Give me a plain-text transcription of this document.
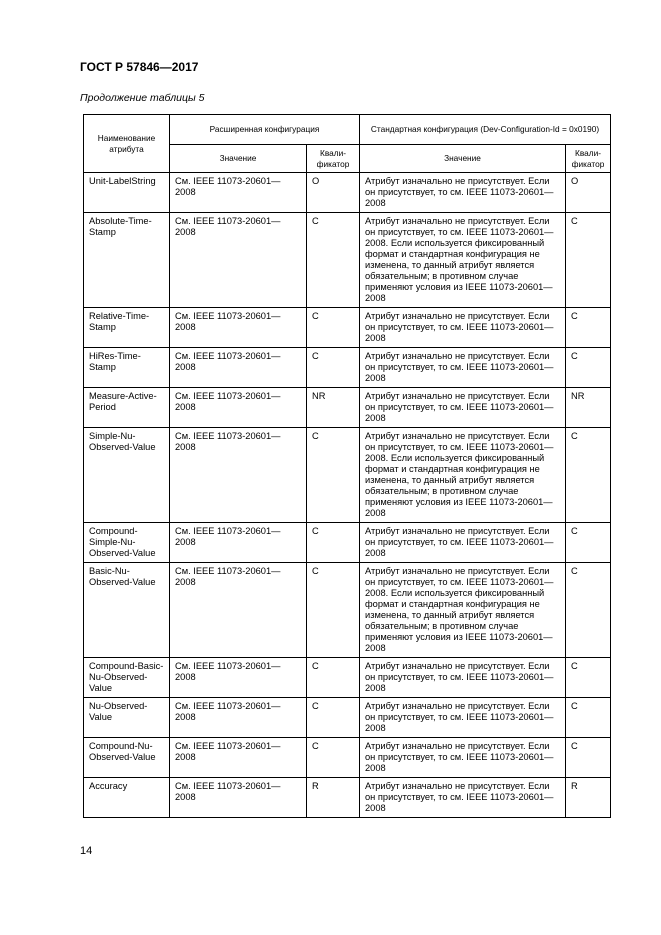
ГОСТ Р 57846—2017
Продолжение таблицы 5
Наименование атрибута	Расширенная конфигурация		Стандартная конфигурация (Dev-Configuration-Id = 0x0190)	
	Значение	Квали-фикатор	Значение	Квали-фикатор
Unit-LabelString	См. IEEE 11073-20601—2008	O	Атрибут изначально не присутствует. Если он присутствует, то см. IEEE 11073-20601—2008	O
Absolute-Time-Stamp	См. IEEE 11073-20601—2008	C	Атрибут изначально не присутствует. Если он присутствует, то см. IEEE 11073-20601—2008. Если используется фиксированный формат и стандартная конфигурация не изменена, то данный атрибут является обязательным; в противном случае применяют условия из IEEE 11073-20601—2008	C
Relative-Time-Stamp	См. IEEE 11073-20601—2008	C	Атрибут изначально не присутствует. Если он присутствует, то см. IEEE 11073-20601—2008	C
HiRes-Time-Stamp	См. IEEE 11073-20601—2008	C	Атрибут изначально не присутствует. Если он присутствует, то см. IEEE 11073-20601—2008	C
Measure-Active-Period	См. IEEE 11073-20601—2008	NR	Атрибут изначально не присутствует. Если он присутствует, то см. IEEE 11073-20601—2008	NR
Simple-Nu-Observed-Value	См. IEEE 11073-20601—2008	C	Атрибут изначально не присутствует. Если он присутствует, то см. IEEE 11073-20601—2008. Если используется фиксированный формат и стандартная конфигурация не изменена, то данный атрибут является обязательным; в противном случае применяют условия из IEEE 11073-20601—2008	C
Compound-Simple-Nu-Observed-Value	См. IEEE 11073-20601—2008	C	Атрибут изначально не присутствует. Если он присутствует, то см. IEEE 11073-20601—2008	C
Basic-Nu-Observed-Value	См. IEEE 11073-20601—2008	C	Атрибут изначально не присутствует. Если он присутствует, то см. IEEE 11073-20601—2008. Если используется фиксированный формат и стандартная конфигурация не изменена, то данный атрибут является обязательным; в противном случае применяют условия из IEEE 11073-20601—2008	C
Compound-Basic-Nu-Observed-Value	См. IEEE 11073-20601—2008	C	Атрибут изначально не присутствует. Если он присутствует, то см. IEEE 11073-20601—2008	C
Nu-Observed-Value	См. IEEE 11073-20601—2008	C	Атрибут изначально не присутствует. Если он присутствует, то см. IEEE 11073-20601—2008	C
Compound-Nu-Observed-Value	См. IEEE 11073-20601—2008	C	Атрибут изначально не присутствует. Если он присутствует, то см. IEEE 11073-20601—2008	C
Accuracy	См. IEEE 11073-20601—2008	R	Атрибут изначально не присутствует. Если он присутствует, то см. IEEE 11073-20601—2008	R
14
